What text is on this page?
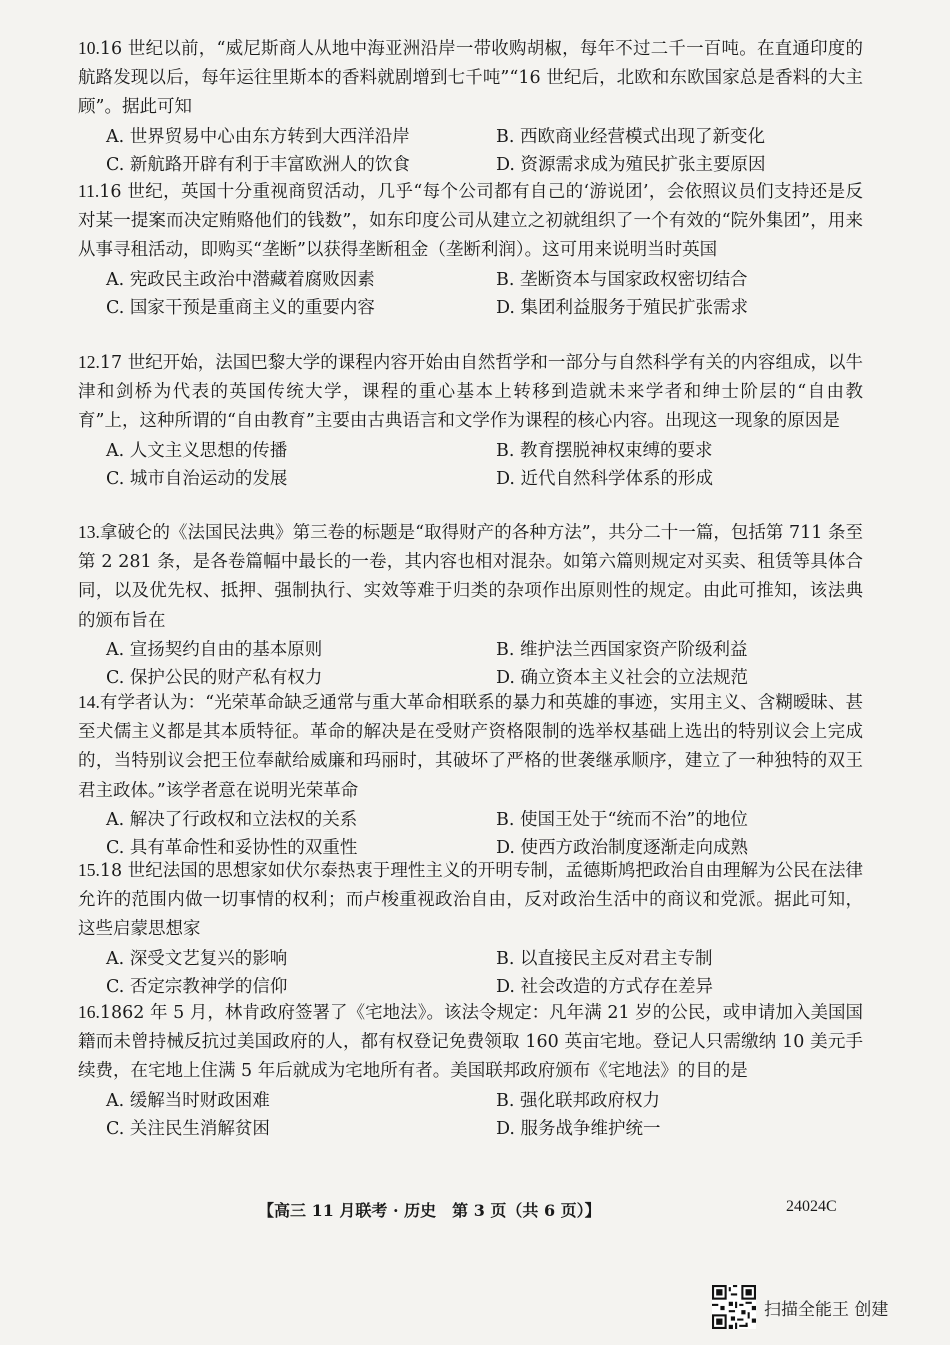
10.16 世纪以前，“威尼斯商人从地中海亚洲沿岸一带收购胡椒，每年不过二千一百吨。在直通印度的航路发现以后，每年运往里斯本的香料就剧增到七千吨”“16 世纪后，北欧和东欧国家总是香料的大主顾”。据此可知

A. 世界贸易中心由东方转到大西洋沿岸	B. 西欧商业经营模式出现了新变化
C. 新航路开辟有利于丰富欧洲人的饮食	D. 资源需求成为殖民扩张主要原因

11.16 世纪，英国十分重视商贸活动，几乎“每个公司都有自己的‘游说团’，会依照议员们支持还是反对某一提案而决定贿赂他们的钱数”，如东印度公司从建立之初就组织了一个有效的“院外集团”，用来从事寻租活动，即购买“垄断”以获得垄断租金（垄断利润）。这可用来说明当时英国

A. 宪政民主政治中潜藏着腐败因素	B. 垄断资本与国家政权密切结合
C. 国家干预是重商主义的重要内容	D. 集团利益服务于殖民扩张需求

12.17 世纪开始，法国巴黎大学的课程内容开始由自然哲学和一部分与自然科学有关的内容组成，以牛津和剑桥为代表的英国传统大学，课程的重心基本上转移到造就未来学者和绅士阶层的“自由教育”上，这种所谓的“自由教育”主要由古典语言和文学作为课程的核心内容。出现这一现象的原因是

A. 人文主义思想的传播	B. 教育摆脱神权束缚的要求
C. 城市自治运动的发展	D. 近代自然科学体系的形成

13.拿破仑的《法国民法典》第三卷的标题是“取得财产的各种方法”，共分二十一篇，包括第 711 条至第 2 281 条，是各卷篇幅中最长的一卷，其内容也相对混杂。如第六篇则规定对买卖、租赁等具体合同，以及优先权、抵押、强制执行、实效等难于归类的杂项作出原则性的规定。由此可推知，该法典的颁布旨在

A. 宣扬契约自由的基本原则	B. 维护法兰西国家资产阶级利益
C. 保护公民的财产私有权力	D. 确立资本主义社会的立法规范

14.有学者认为：“光荣革命缺乏通常与重大革命相联系的暴力和英雄的事迹，实用主义、含糊暧昧、甚至犬儒主义都是其本质特征。革命的解决是在受财产资格限制的选举权基础上选出的特别议会上完成的，当特别议会把王位奉献给威廉和玛丽时，其破坏了严格的世袭继承顺序，建立了一种独特的双王君主政体。”该学者意在说明光荣革命

A. 解决了行政权和立法权的关系	B. 使国王处于“统而不治”的地位
C. 具有革命性和妥协性的双重性	D. 使西方政治制度逐渐走向成熟

15.18 世纪法国的思想家如伏尔泰热衷于理性主义的开明专制，孟德斯鸠把政治自由理解为公民在法律允许的范围内做一切事情的权利；而卢梭重视政治自由，反对政治生活中的商议和党派。据此可知，这些启蒙思想家

A. 深受文艺复兴的影响	B. 以直接民主反对君主专制
C. 否定宗教神学的信仰	D. 社会改造的方式存在差异

16.1862 年 5 月，林肯政府签署了《宅地法》。该法令规定：凡年满 21 岁的公民，或申请加入美国国籍而未曾持械反抗过美国政府的人，都有权登记免费领取 160 英亩宅地。登记人只需缴纳 10 美元手续费，在宅地上住满 5 年后就成为宅地所有者。美国联邦政府颁布《宅地法》的目的是

A. 缓解当时财政困难	B. 强化联邦政府权力
C. 关注民生消解贫困	D. 服务战争维护统一
【高三 11 月联考 · 历史　第 3 页（共 6 页）】	24024C
扫描全能王 创建
